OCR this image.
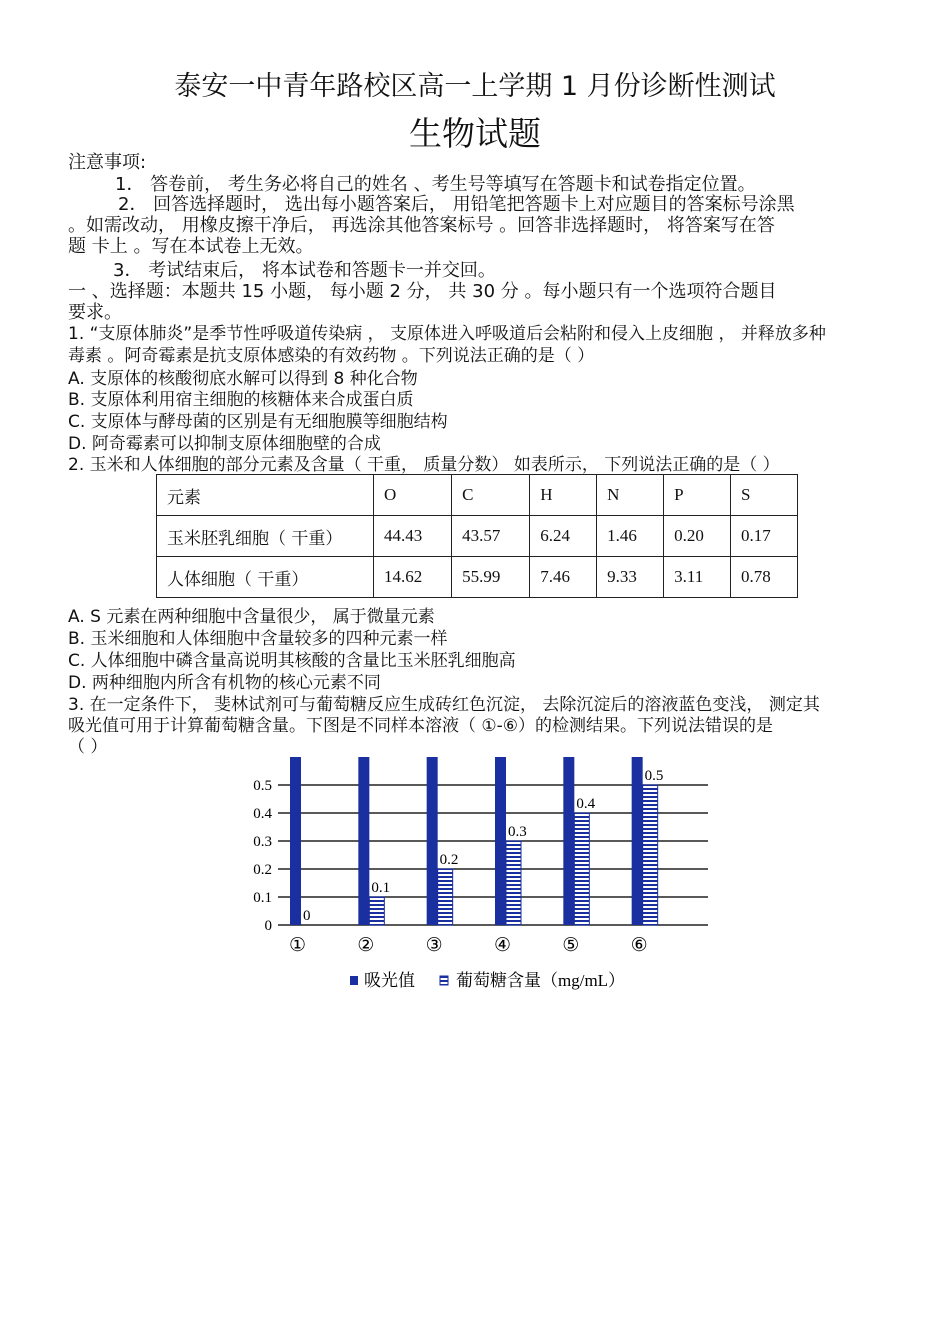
泰安一中青年路校区高一上学期 1 月份诊断性测试
生物试题
注意事项:
1． 答卷前， 考生务必将自己的姓名 、考生号等填写在答题卡和试卷指定位置。
2． 回答选择题时， 选出每小题答案后， 用铅笔把答题卡上对应题目的答案标号涂黑
。如需改动， 用橡皮擦干净后， 再选涂其他答案标号 。回答非选择题时， 将答案写在答
题 卡上 。写在本试卷上无效。
3． 考试结束后， 将本试卷和答题卡一并交回。
一 、选择题：本题共 15 小题， 每小题 2 分， 共 30 分 。每小题只有一个选项符合题目
要求。
1. “支原体肺炎”是季节性呼吸道传染病 ， 支原体进入呼吸道后会粘附和侵入上皮细胞 ， 并释放多种
毒素 。阿奇霉素是抗支原体感染的有效药物 。下列说法正确的是（ ）
A. 支原体的核酸彻底水解可以得到 8 种化合物
B. 支原体利用宿主细胞的核糖体来合成蛋白质
C. 支原体与酵母菌的区别是有无细胞膜等细胞结构
D. 阿奇霉素可以抑制支原体细胞壁的合成
2. 玉米和人体细胞的部分元素及含量（ 干重， 质量分数） 如表所示， 下列说法正确的是（ ）
元素	O	C	H	N	P	S
玉米胚乳细胞（ 干重）	44.43	43.57	6.24	1.46	0.20	0.17
人体细胞（ 干重）	14.62	55.99	7.46	9.33	3.11	0.78
A. S 元素在两种细胞中含量很少， 属于微量元素
B. 玉米细胞和人体细胞中含量较多的四种元素一样
C. 人体细胞中磷含量高说明其核酸的含量比玉米胚乳细胞高
D. 两种细胞内所含有机物的核心元素不同
3. 在一定条件下， 斐林试剂可与葡萄糖反应生成砖红色沉淀， 去除沉淀后的溶液蓝色变浅， 测定其
吸光值可用于计算葡萄糖含量。下图是不同样本溶液（ ①-⑥）的检测结果。下列说法错误的是
（ ）
0
0.1
0.2
0.3
0.4
0.5
0
0.1
0.2
0.3
0.4
0.5
①	②	③	④	⑤	⑥
吸光值 葡萄糖含量（mg/mL）
